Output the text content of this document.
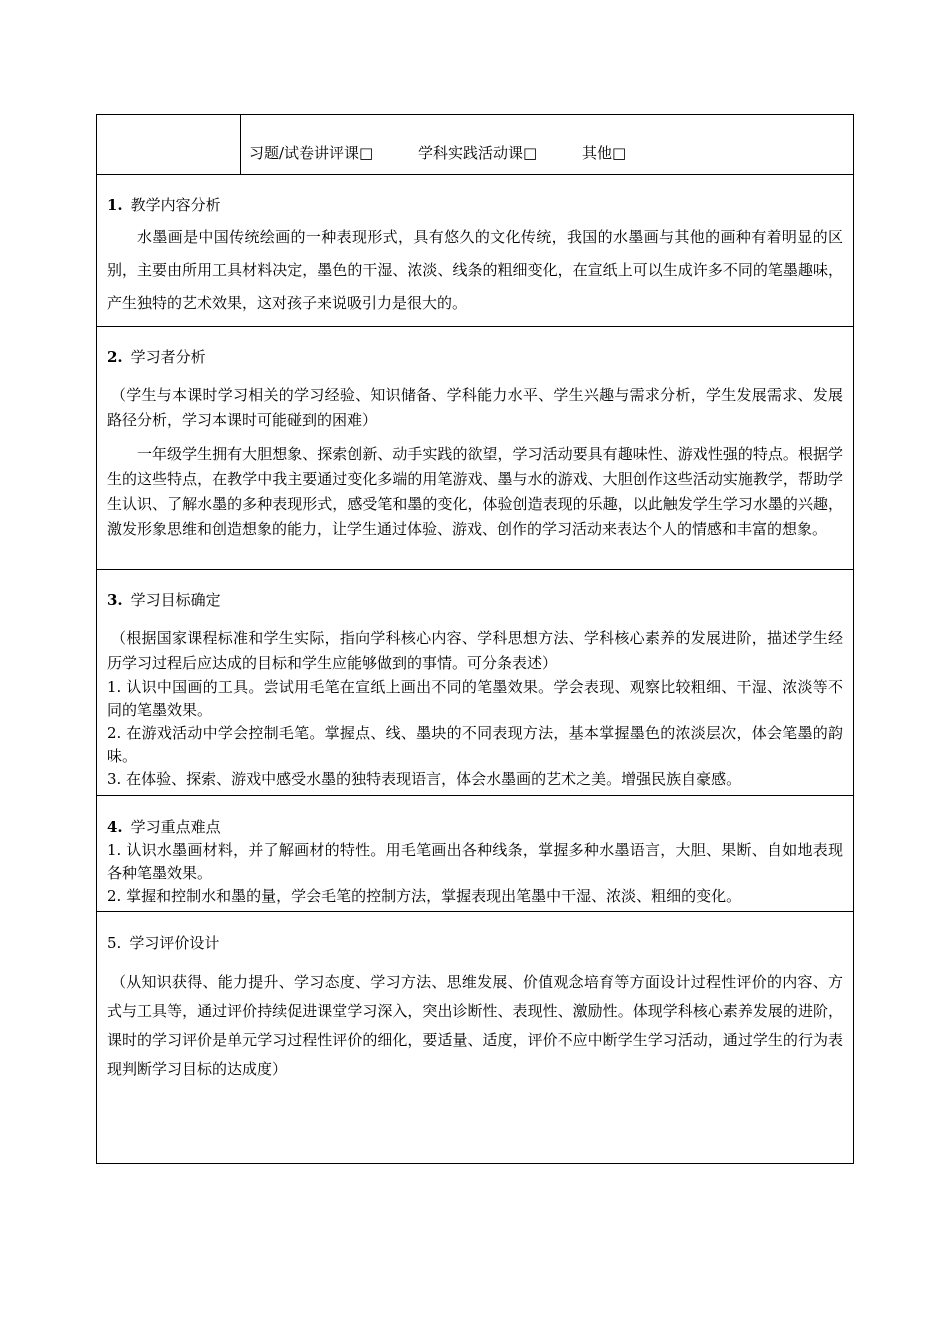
习题/试卷讲评课□	学科实践活动课□	其他□
1. 教学内容分析

水墨画是中国传统绘画的一种表现形式，具有悠久的文化传统，我国的水墨画与其他的画种有着明显的区别，主要由所用工具材料决定，墨色的干湿、浓淡、线条的粗细变化，在宣纸上可以生成许多不同的笔墨趣味，产生独特的艺术效果，这对孩子来说吸引力是很大的。

2. 学习者分析

（学生与本课时学习相关的学习经验、知识储备、学科能力水平、学生兴趣与需求分析，学生发展需求、发展路径分析，学习本课时可能碰到的困难）

一年级学生拥有大胆想象、探索创新、动手实践的欲望，学习活动要具有趣味性、游戏性强的特点。根据学生的这些特点，在教学中我主要通过变化多端的用笔游戏、墨与水的游戏、大胆创作这些活动实施教学，帮助学生认识、了解水墨的多种表现形式，感受笔和墨的变化，体验创造表现的乐趣，以此触发学生学习水墨的兴趣，激发形象思维和创造想象的能力，让学生通过体验、游戏、创作的学习活动来表达个人的情感和丰富的想象。

3. 学习目标确定

（根据国家课程标准和学生实际，指向学科核心内容、学科思想方法、学科核心素养的发展进阶，描述学生经历学习过程后应达成的目标和学生应能够做到的事情。可分条表述）

1. 认识中国画的工具。尝试用毛笔在宣纸上画出不同的笔墨效果。学会表现、观察比较粗细、干湿、浓淡等不同的笔墨效果。

2. 在游戏活动中学会控制毛笔。掌握点、线、墨块的不同表现方法，基本掌握墨色的浓淡层次，体会笔墨的韵味。

3. 在体验、探索、游戏中感受水墨的独特表现语言，体会水墨画的艺术之美。增强民族自豪感。

4. 学习重点难点

1. 认识水墨画材料，并了解画材的特性。用毛笔画出各种线条，掌握多种水墨语言，大胆、果断、自如地表现各种笔墨效果。

2. 掌握和控制水和墨的量，学会毛笔的控制方法，掌握表现出笔墨中干湿、浓淡、粗细的变化。

5. 学习评价设计

（从知识获得、能力提升、学习态度、学习方法、思维发展、价值观念培育等方面设计过程性评价的内容、方式与工具等，通过评价持续促进课堂学习深入，突出诊断性、表现性、激励性。体现学科核心素养发展的进阶，课时的学习评价是单元学习过程性评价的细化，要适量、适度，评价不应中断学生学习活动，通过学生的行为表现判断学习目标的达成度）
